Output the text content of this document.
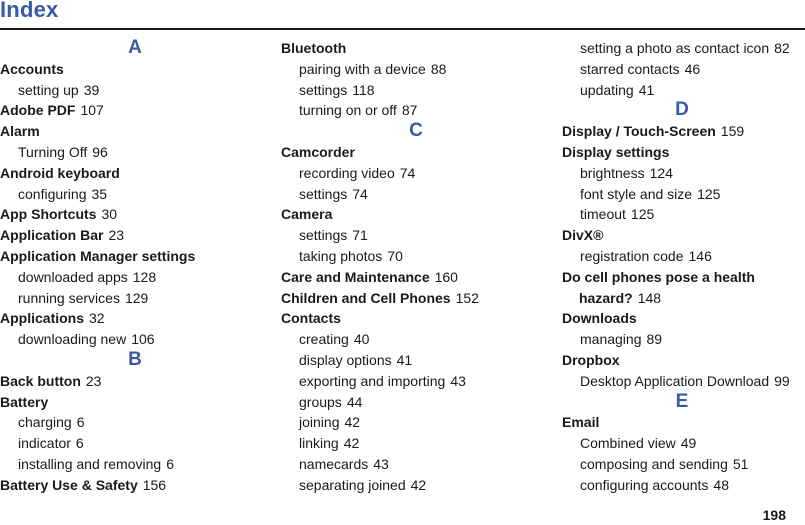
Index
A
Accounts
setting up 39
Adobe PDF 107
Alarm
Turning Off 96
Android keyboard
configuring 35
App Shortcuts 30
Application Bar 23
Application Manager settings
downloaded apps 128
running services 129
Applications 32
downloading new 106
B
Back button 23
Battery
charging 6
indicator 6
installing and removing 6
Battery Use & Safety 156
Bluetooth
pairing with a device 88
settings 118
turning on or off 87
C
Camcorder
recording video 74
settings 74
Camera
settings 71
taking photos 70
Care and Maintenance 160
Children and Cell Phones 152
Contacts
creating 40
display options 41
exporting and importing 43
groups 44
joining 42
linking 42
namecards 43
separating joined 42
setting a photo as contact icon 82
starred contacts 46
updating 41
D
Display / Touch-Screen 159
Display settings
brightness 124
font style and size 125
timeout 125
DivX®
registration code 146
Do cell phones pose a health
hazard? 148
Downloads
managing 89
Dropbox
Desktop Application Download 99
E
Email
Combined view 49
composing and sending 51
configuring accounts 48
198
